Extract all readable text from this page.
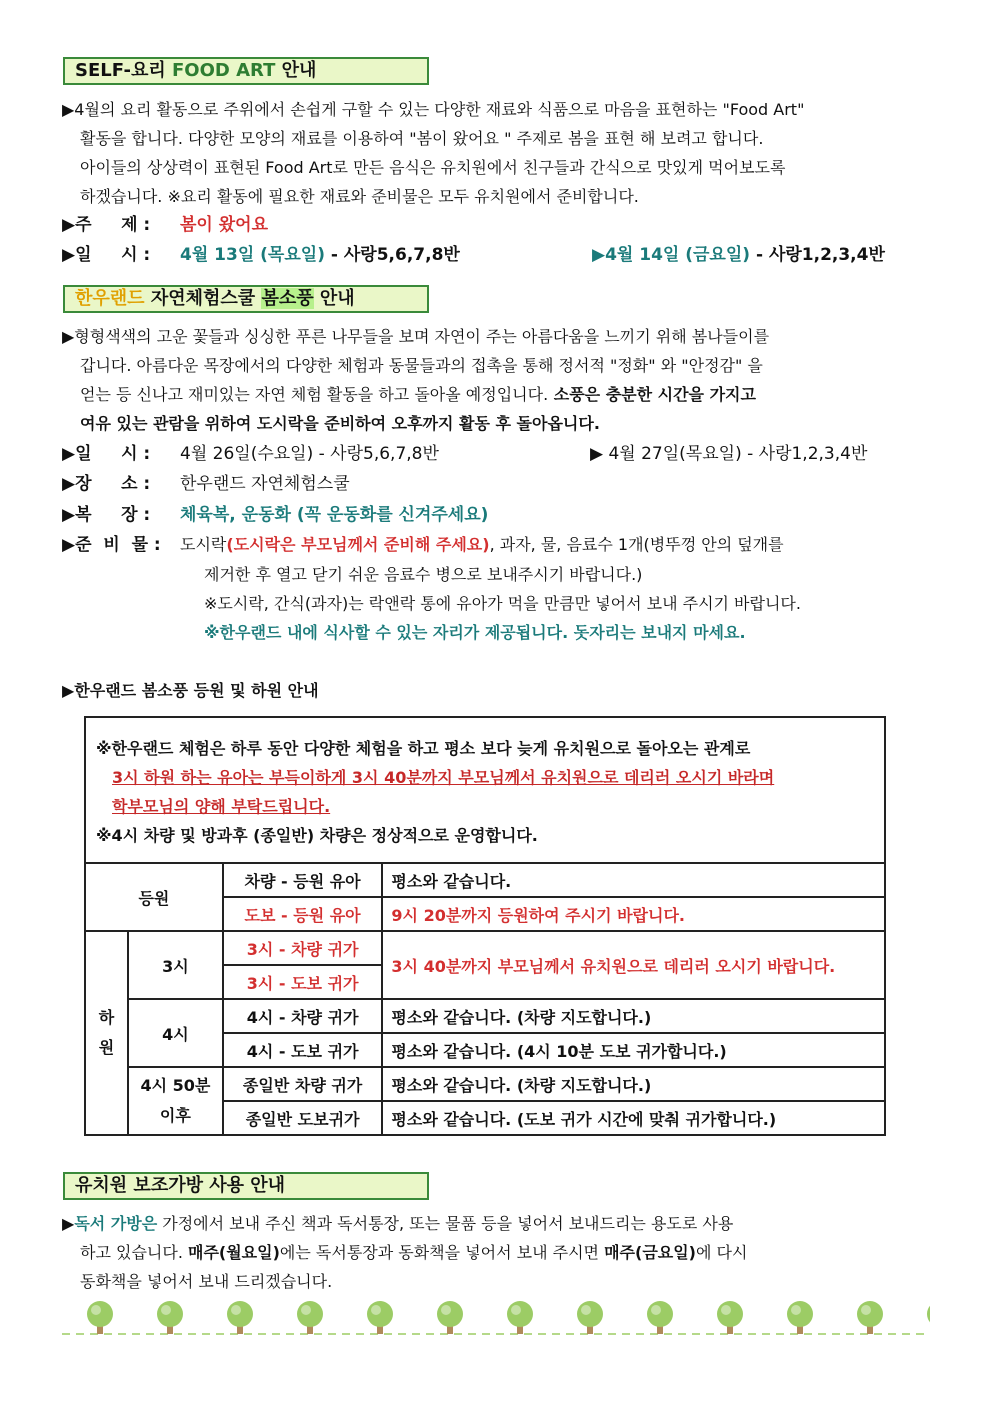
SELF-요리 FOOD ART 안내
▶4월의 요리 활동으로 주위에서 손쉽게 구할 수 있는 다양한 재료와 식품으로 마음을 표현하는 "Food Art"
활동을 합니다. 다양한 모양의 재료를 이용하여 "봄이 왔어요 " 주제로 봄을 표현 해 보려고 합니다.
아이들의 상상력이 표현된 Food Art로 만든 음식은 유치원에서 친구들과 간식으로 맛있게 먹어보도록
하겠습니다. ※요리 활동에 필요한 재료와 준비물은 모두 유치원에서 준비합니다.
▶주     제 : 봄이 왔어요
▶일     시 : 4월 13일 (목요일) - 사랑5,6,7,8반	▶4월 14일 (금요일) - 사랑1,2,3,4반
한우랜드 자연체험스쿨 봄소풍 안내
▶형형색색의 고운 꽃들과 싱싱한 푸른 나무들을 보며 자연이 주는 아름다움을 느끼기 위해 봄나들이를
갑니다. 아름다운 목장에서의 다양한 체험과 동물들과의 접촉을 통해 정서적 "정화" 와 "안정감" 을
얻는 등 신나고 재미있는 자연 체험 활동을 하고 돌아올 예정입니다. 소풍은 충분한 시간을 가지고
여유 있는 관람을 위하여 도시락을 준비하여 오후까지 활동 후 돌아옵니다.
▶일     시 : 4월 26일(수요일) - 사랑5,6,7,8반	▶ 4월 27일(목요일) - 사랑1,2,3,4반
▶장     소 : 한우랜드 자연체험스쿨
▶복     장 : 체육복, 운동화 (꼭 운동화를 신겨주세요)
▶준  비  물 : 도시락(도시락은 부모님께서 준비해 주세요), 과자, 물, 음료수 1개(병뚜껑 안의 덮개를
제거한 후 열고 닫기 쉬운 음료수 병으로 보내주시기 바랍니다.)
※도시락, 간식(과자)는 락앤락 통에 유아가 먹을 만큼만 넣어서 보내 주시기 바랍니다.
※한우랜드 내에 식사할 수 있는 자리가 제공됩니다. 돗자리는 보내지 마세요.
▶한우랜드 봄소풍 등원 및 하원 안내
※한우랜드 체험은 하루 동안 다양한 체험을 하고 평소 보다 늦게 유치원으로 돌아오는 관계로
3시 하원 하는 유아는 부득이하게 3시 40분까지 부모님께서 유치원으로 데리러 오시기 바라며
학부모님의 양해 부탁드립니다.
※4시 차량 및 방과후 (종일반) 차량은 정상적으로 운영합니다.
등원		차량 - 등원 유아	평소와 같습니다.
		도보 - 등원 유아	9시 20분까지 등원하여 주시기 바랍니다.
하
원	3시	3시 - 차량 귀가	3시 40분까지 부모님께서 유치원으로 데리러 오시기 바랍니다.
		3시 - 도보 귀가	
	4시	4시 - 차량 귀가	평소와 같습니다. (차량 지도합니다.)
		4시 - 도보 귀가	평소와 같습니다. (4시 10분 도보 귀가합니다.)
	4시 50분
이후	종일반 차량 귀가	평소와 같습니다. (차량 지도합니다.)
		종일반 도보귀가	평소와 같습니다. (도보 귀가 시간에 맞춰 귀가합니다.)
유치원 보조가방 사용 안내
▶독서 가방은 가정에서 보내 주신 책과 독서통장, 또는 물품 등을 넣어서 보내드리는 용도로 사용
하고 있습니다. 매주(월요일)에는 독서통장과 동화책을 넣어서 보내 주시면 매주(금요일)에 다시
동화책을 넣어서 보내 드리겠습니다.
